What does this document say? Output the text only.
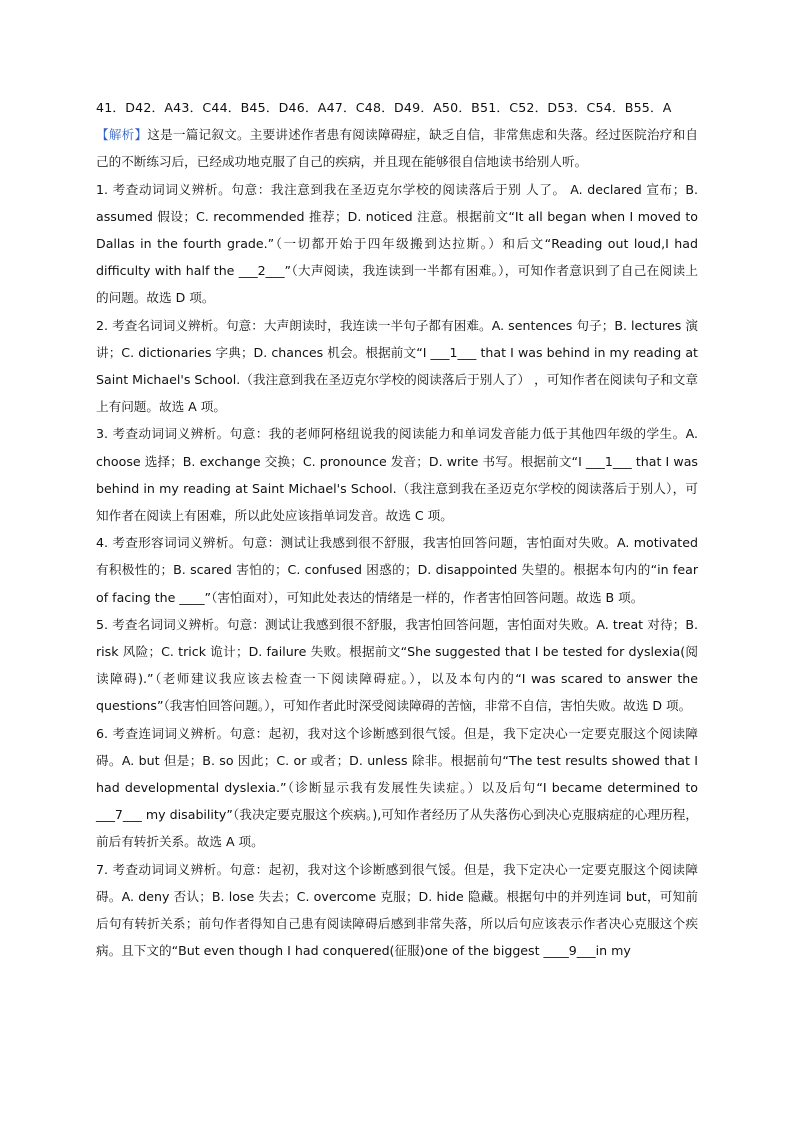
41．D42．A43．C44．B45．D46．A47．C48．D49．A50．B51．C52．D53．C54．B55．A

【解析】这是一篇记叙文。主要讲述作者患有阅读障碍症，缺乏自信，非常焦虑和失落。经过医院治疗和自己的不断练习后，已经成功地克服了自己的疾病，并且现在能够很自信地读书给别人听。

1. 考查动词词义辨析。句意：我注意到我在圣迈克尔学校的阅读落后于别 人了。 A. declared 宣布；B. assumed 假设；C. recommended 推荐；D. noticed 注意。根据前文“It all began when I moved to Dallas in the fourth grade.”（一切都开始于四年级搬到达拉斯。）和后文“Reading out loud,I had difficulty with half the ___2___”（大声阅读，我连读到一半都有困难。），可知作者意识到了自己在阅读上的问题。故选 D 项。

2. 考查名词词义辨析。句意：大声朗读时，我连读一半句子都有困难。A. sentences 句子；B. lectures 演讲；C. dictionaries 字典；D. chances 机会。根据前文“I ___1___ that I was behind in my reading at Saint Michael's School.（我注意到我在圣迈克尔学校的阅读落后于别人了） ，可知作者在阅读句子和文章上有问题。故选 A 项。

3. 考查动词词义辨析。句意：我的老师阿格纽说我的阅读能力和单词发音能力低于其他四年级的学生。A. choose 选择；B. exchange 交换；C. pronounce 发音；D. write 书写。根据前文“I ___1___ that I was behind in my reading at Saint Michael's School.（我注意到我在圣迈克尔学校的阅读落后于别人），可知作者在阅读上有困难，所以此处应该指单词发音。故选 C 项。

4. 考查形容词词义辨析。句意：测试让我感到很不舒服，我害怕回答问题，害怕面对失败。A. motivated 有积极性的；B. scared 害怕的；C. confused 困惑的；D. disappointed 失望的。根据本句内的“in fear of facing the ____”（害怕面对），可知此处表达的情绪是一样的，作者害怕回答问题。故选 B 项。

5. 考查名词词义辨析。句意：测试让我感到很不舒服，我害怕回答问题，害怕面对失败。A. treat 对待；B. risk 风险；C. trick 诡计；D. failure 失败。根据前文“She suggested that I be tested for dyslexia(阅读障碍).”（老师建议我应该去检查一下阅读障碍症。），以及本句内的“I was scared to answer the questions”（我害怕回答问题。），可知作者此时深受阅读障碍的苦恼，非常不自信，害怕失败。故选 D 项。

6. 考查连词词义辨析。句意：起初，我对这个诊断感到很气馁。但是，我下定决心一定要克服这个阅读障碍。A. but 但是；B. so 因此；C. or 或者；D. unless 除非。根据前句“The test results showed that I had developmental dyslexia.”（诊断显示我有发展性失读症。）以及后句“I became determined to ___7___ my disability”（我决定要克服这个疾病。),可知作者经历了从失落伤心到决心克服病症的心理历程，前后有转折关系。故选 A 项。

7. 考查动词词义辨析。句意：起初，我对这个诊断感到很气馁。但是，我下定决心一定要克服这个阅读障碍。A. deny 否认；B. lose 失去；C. overcome 克服；D. hide 隐藏。根据句中的并列连词 but，可知前后句有转折关系；前句作者得知自己患有阅读障碍后感到非常失落，所以后句应该表示作者决心克服这个疾病。且下文的“But even though I had conquered(征服)one of the biggest ____9___in my
